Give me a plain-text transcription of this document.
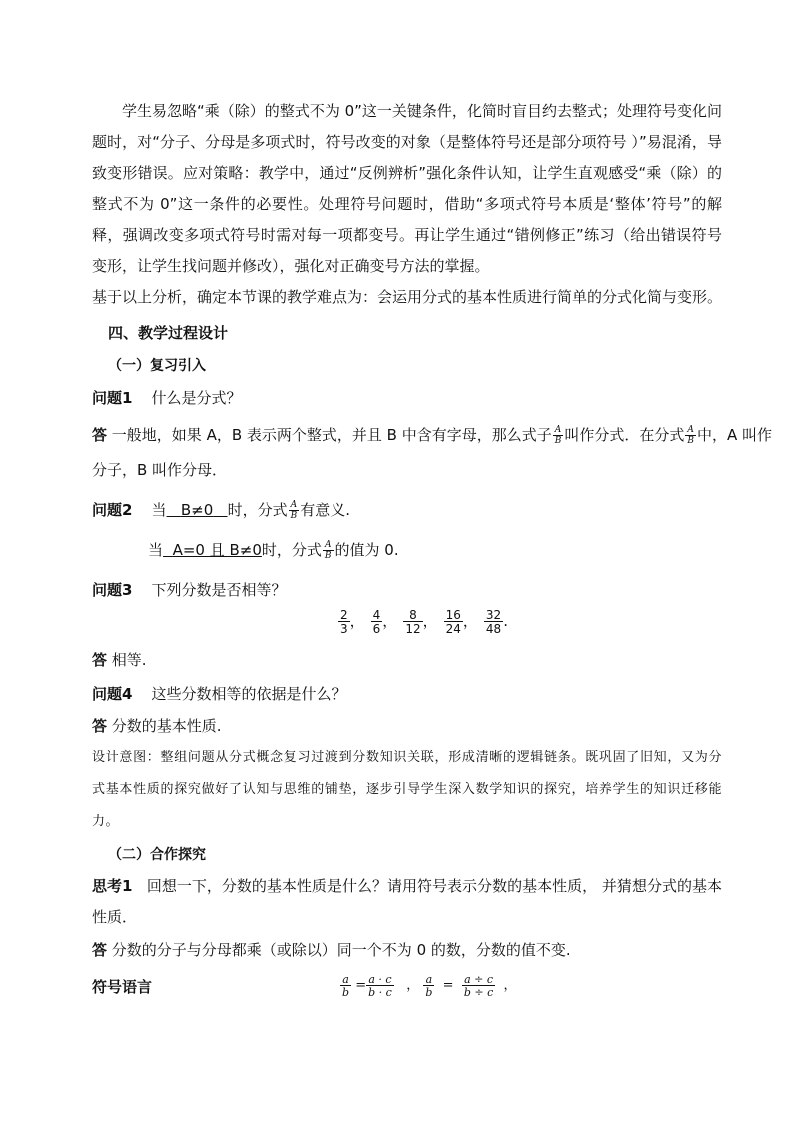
学生易忽略“乘（除）的整式不为 0”这一关键条件，化简时盲目约去整式；处理符号变化问题时，对“分子、分母是多项式时，符号改变的对象（是整体符号还是部分项符号 ）”易混淆，导致变形错误。应对策略：教学中，通过“反例辨析”强化条件认知，让学生直观感受“乘（除）的整式不为 0”这一条件的必要性。处理符号问题时，借助“多项式符号本质是‘整体’符号”的解释，强调改变多项式符号时需对每一项都变号。再让学生通过“错例修正”练习（给出错误符号变形，让学生找问题并修改），强化对正确变号方法的掌握。

基于以上分析，确定本节课的教学难点为：会运用分式的基本性质进行简单的分式化简与变形。

四、教学过程设计
（一）复习引入
问题1 什么是分式？
答 一般地，如果 A，B 表示两个整式，并且 B 中含有字母，那么式子 $\frac{A}{B}$ 叫作分式．在分式 $\frac{A}{B}$ 中，A 叫作
分子，B 叫作分母．
问题2 当 B≠0 时，分式 $\frac{A}{B}$ 有意义.
当 A=0 且 B≠0时，分式 $\frac{A}{B}$ 的值为 0.
问题3 下列分数是否相等？
$\frac{2}{3}$ ， $\frac{4}{6}$ ， $\frac{8}{12}$ ， $\frac{16}{24}$ ， $\frac{32}{48}$ .
答 相等.
问题4 这些分数相等的依据是什么？
答 分数的基本性质.

设计意图：整组问题从分式概念复习过渡到分数知识关联，形成清晰的逻辑链条。既巩固了旧知，又为分式基本性质的探究做好了认知与思维的铺垫，逐步引导学生深入数学知识的探究，培养学生的知识迁移能力。

（二）合作探究

思考1 回想一下，分数的基本性质是什么？请用符号表示分数的基本性质， 并猜想分式的基本性质．

答 分数的分子与分母都乘（或除以）同一个不为 0 的数，分数的值不变.
符号语言	$\frac{a}{b} = \frac{a \cdot c}{b \cdot c}$ ， $\frac{a}{b} = \frac{a \div c}{b \div c}$ ，
